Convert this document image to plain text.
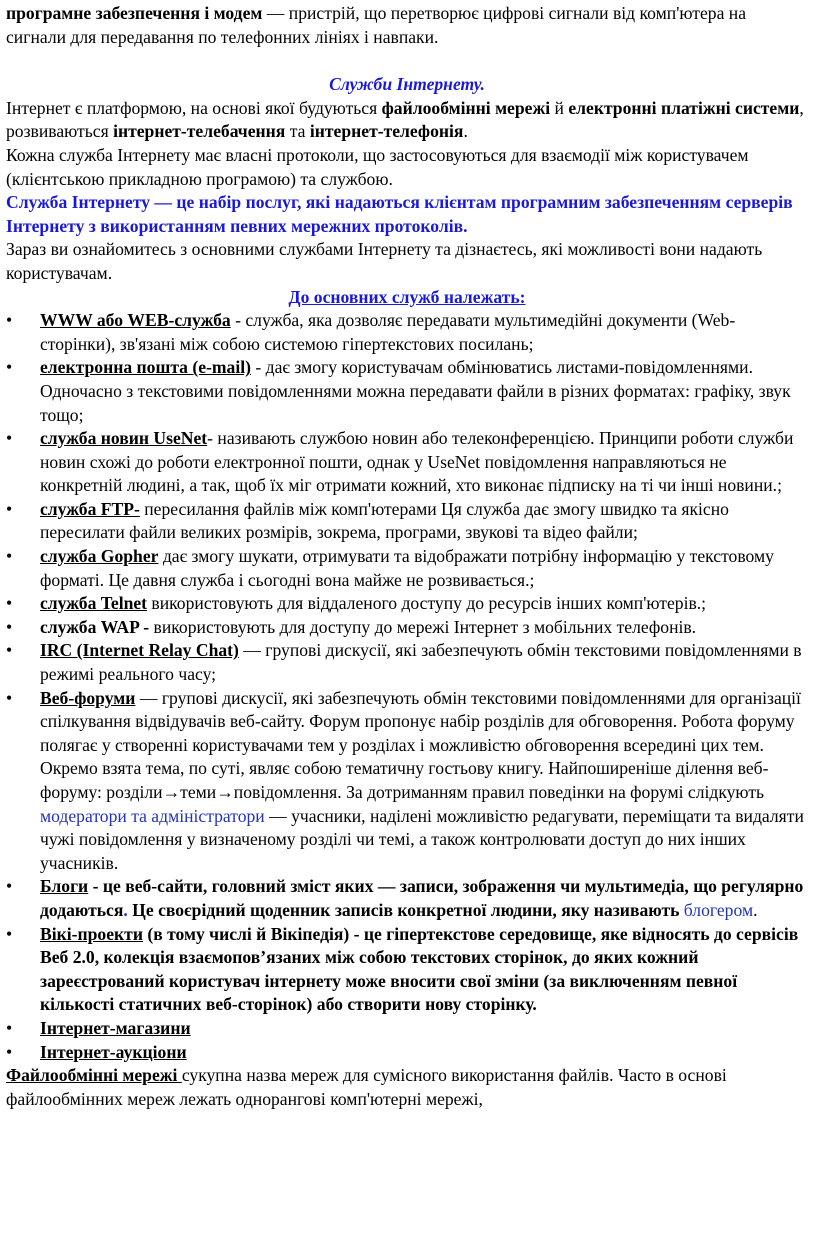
програмне забезпечення і модем — пристрій, що перетворює цифрові сигнали від комп'ютера на сигнали для передавання по телефонних лініях і навпаки.

Служби Інтернету.

Інтернет є платформою, на основі якої будуються файлообмінні мережі й електронні платіжні системи, розвиваються інтернет-телебачення та інтернет-телефонія.

Кожна служба Інтернету має власні протоколи, що застосовуються для взаємодії між користувачем (клієнтською прикладною програмою) та службою.

Служба Інтернету — це набір послуг, які надаються клієнтам програмним забезпеченням серверів Інтернету з використанням певних мережних протоколів.

Зараз ви ознайомитесь з основними службами Інтернету та дізнаєтесь, які можливості вони надають користувачам.

До основних служб належать:

•	WWW або WEB-служба - служба, яка дозволяє передавати мультимедійні документи (Web-сторінки), зв'язані між собою системою гіпертекстових посилань;

• електронна пошта (e-mail) - дає змогу користувачам обмінюватись листами-повідомленнями. Одночасно з текстовими повідомленнями можна передавати файли в різних форматах: графіку, звук тощо;

• служба новин UseNet- називають службою новин або телеконференцією. Принципи роботи служби новин схожі до роботи електронної пошти, однак у UseNet повідомлення направляються не конкретній людині, а так, щоб їх міг отримати кожний, хто виконає підписку на ті чи інші новини.;

• служба FTP- пересилання файлів між комп'ютерами Ця служба дає змогу швидко та якісно пересилати файли великих розмірів, зокрема, програми, звукові та відео файли;

• служба Gopher дає змогу шукати, отримувати та відображати потрібну інформацію у текстовому форматі. Це давня служба і сьогодні вона майже не розвивається.;

• служба Telnet використовують для віддаленого доступу до ресурсів інших комп'ютерів.;

• служба WAP - використовують для доступу до мережі Інтернет з мобільних телефонів.

•	IRC (Internet Relay Chat) — групові дискусії, які забезпечують обмін текстовими повідомленнями в режимі реального часу;
•	Веб-форуми — групові дискусії, які забезпечують обмін текстовими повідомленнями для організації спілкування відвідувачів веб-сайту. Форум пропонує набір розділів для обговорення. Робота форуму полягає у створенні користувачами тем у розділах і можливістю обговорення всередині цих тем. Окремо взята тема, по суті, являє собою тематичну гостьову книгу. Найпоширеніше ділення веб-форуму: розділи→теми→повідомлення. За дотриманням правил поведінки на форумі слідкують модератори та адміністратори — учасники, наділені можливістю редагувати, переміщати та видаляти чужі повідомлення у визначеному розділі чи темі, а також контролювати доступ до них інших учасників.
•	Блоги - це веб-сайти, головний зміст яких — записи, зображення чи мультимедіа, що регулярно додаються. Це своєрідний щоденник записів конкретної людини, яку називають блогером.
•	Вікі-проекти (в тому числі й Вікіпедія) - це гіпертекстове середовище, яке відносять до сервісів Веб 2.0, колекція взаємопов’язаних між собою текстових сторінок, до яких кожний зареєстрований користувач інтернету може вносити свої зміни (за виключенням певної кількості статичних веб-сторінок) або створити нову сторінку.
•	Інтернет-магазини
•	Інтернет-аукціони

Файлообмінні мережі сукупна назва мереж для сумісного використання файлів. Часто в основі файлообмінних мереж лежать однорангові комп'ютерні мережі,
